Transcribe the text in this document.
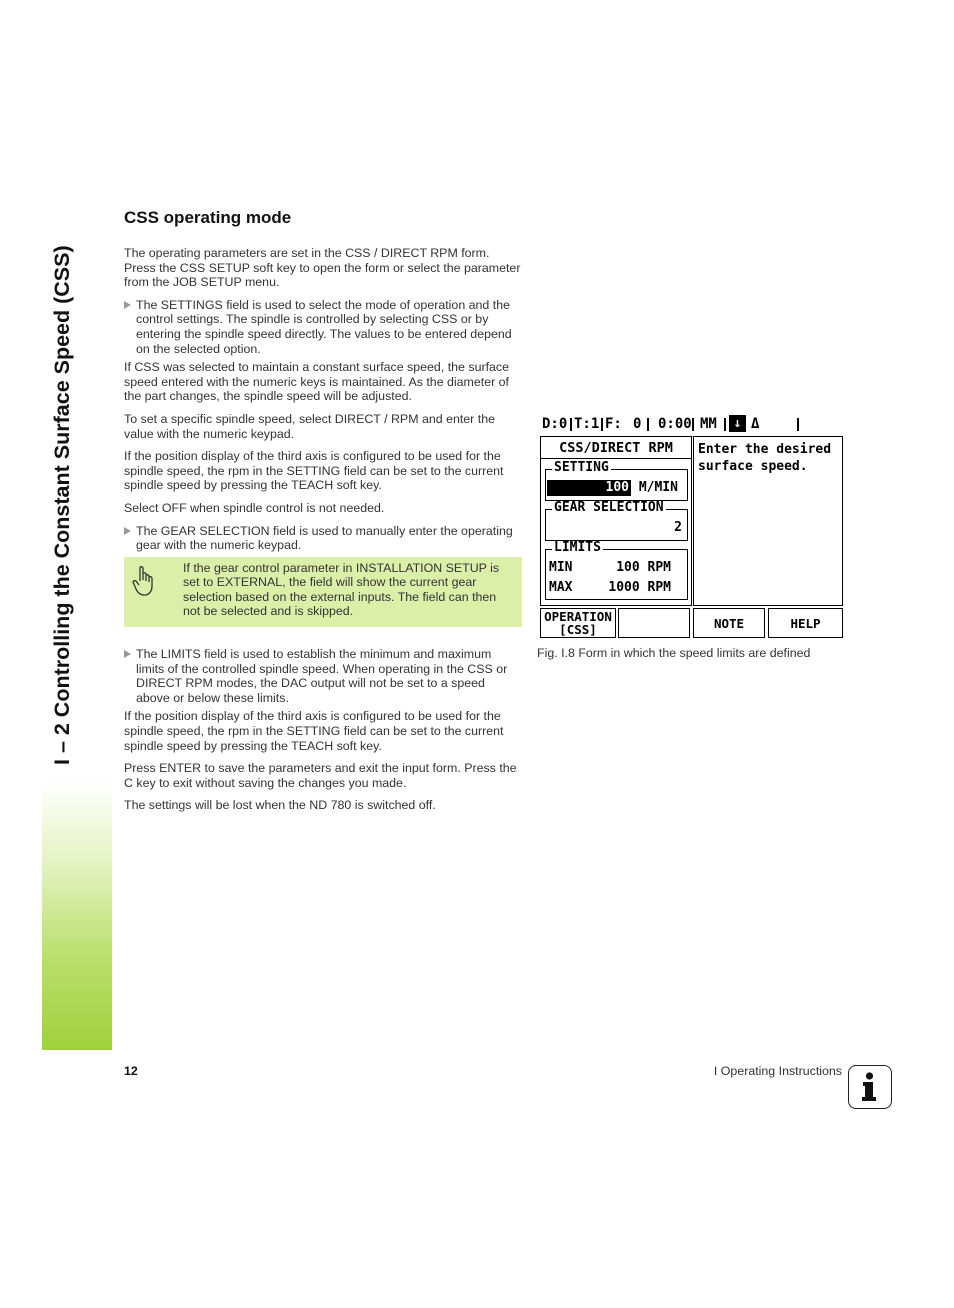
I – 2 Controlling the Constant Surface Speed (CSS)
CSS operating mode

The operating parameters are set in the CSS / DIRECT RPM form. Press the CSS SETUP soft key to open the form or select the parameter from the JOB SETUP menu.

The SETTINGS field is used to select the mode of operation and the control settings. The spindle is controlled by selecting CSS or by entering the spindle speed directly. The values to be entered depend on the selected option.

If CSS was selected to maintain a constant surface speed, the surface speed entered with the numeric keys is maintained. As the diameter of the part changes, the spindle speed will be adjusted.

To set a specific spindle speed, select DIRECT / RPM and enter the value with the numeric keypad.

If the position display of the third axis is configured to be used for the spindle speed, the rpm in the SETTING field can be set to the current spindle speed by pressing the TEACH soft key.

Select OFF when spindle control is not needed.

The GEAR SELECTION field is used to manually enter the operating gear with the numeric keypad.
If the gear control parameter in INSTALLATION SETUP is set to EXTERNAL, the field will show the current gear selection based on the external inputs. The field can then not be selected and is skipped.
The LIMITS field is used to establish the minimum and maximum limits of the controlled spindle speed. When operating in the CSS or DIRECT RPM modes, the DAC output will not be set to a speed above or below these limits.

If the position display of the third axis is configured to be used for the spindle speed, the rpm in the SETTING field can be set to the current spindle speed by pressing the TEACH soft key.

Press ENTER to save the parameters and exit the input form. Press the C key to exit without saving the changes you made.

The settings will be lost when the ND 780 is switched off.

D:0 T:1 F: 0 0:00 MM	↓ Δ
CSS/DIRECT RPM
SETTING
100 M/MIN
GEAR SELECTION
2
LIMITS
MIN	100 RPM
MAX	1000 RPM
Enter the desired
surface speed.
OPERATION
[CSS]	NOTE	HELP
Fig. I.8 Form in which the speed limits are defined
12	I Operating Instructions
